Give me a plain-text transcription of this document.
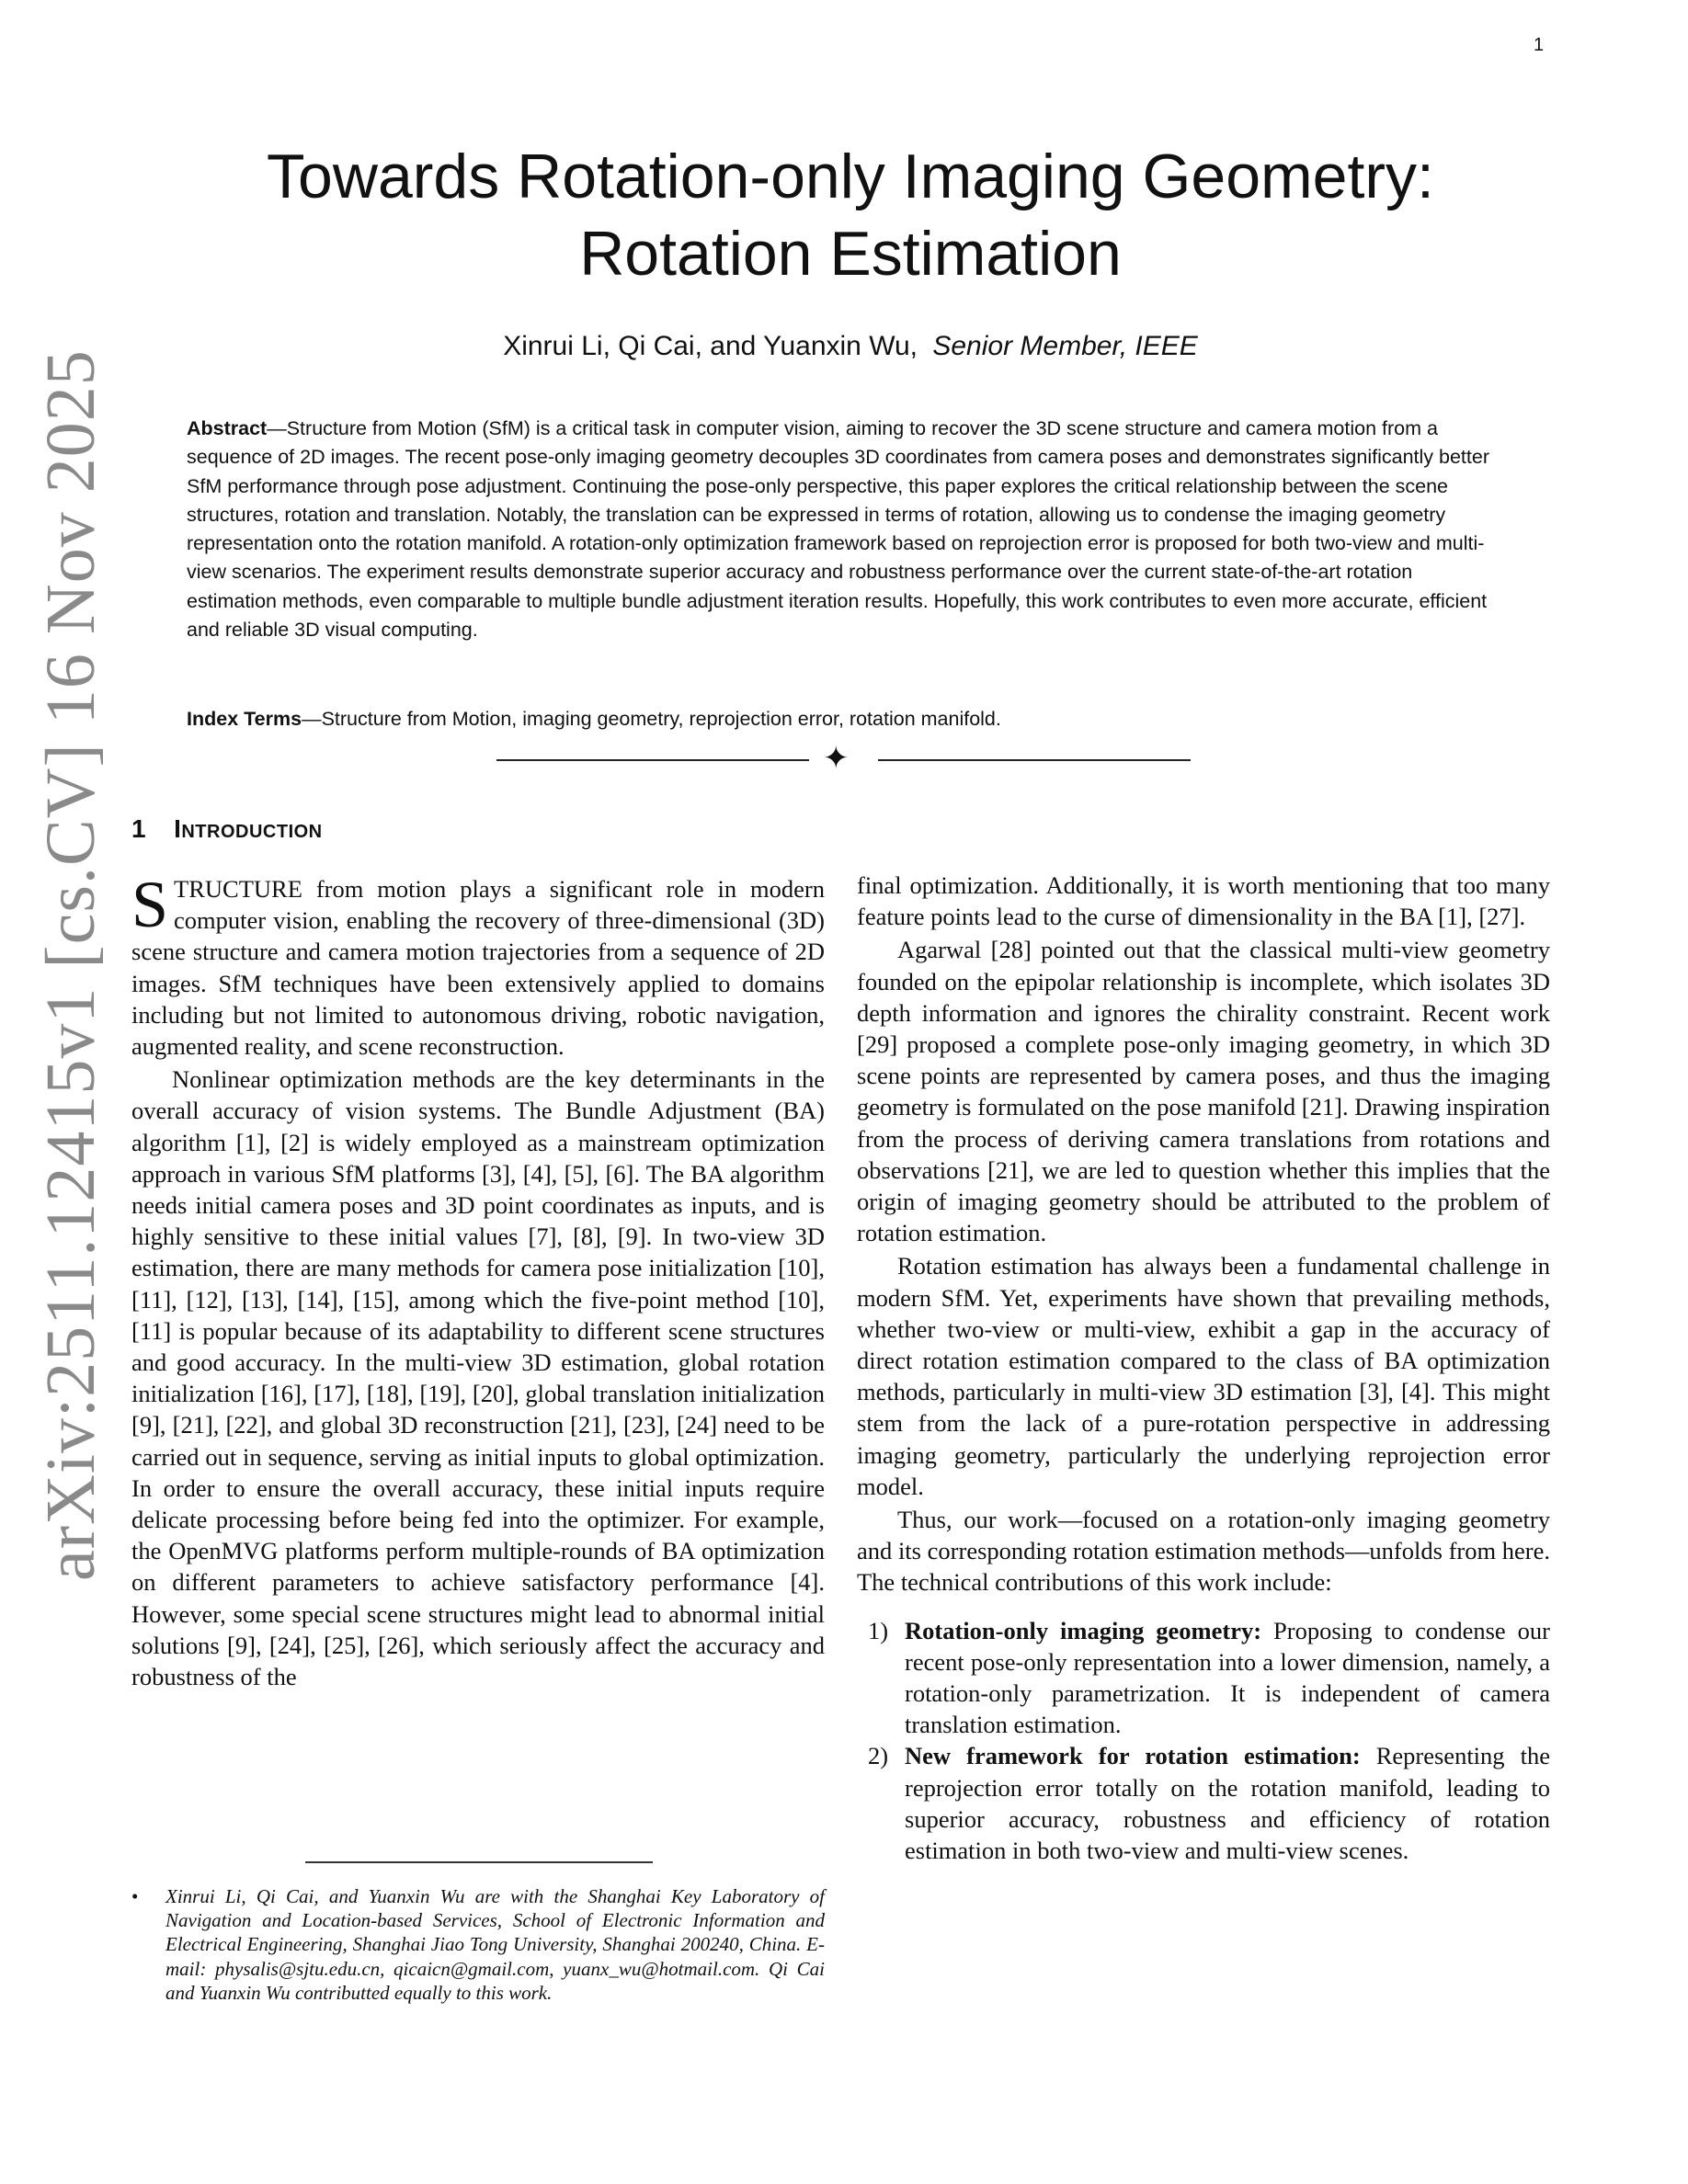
1
arXiv:2511.12415v1 [cs.CV] 16 Nov 2025
Towards Rotation-only Imaging Geometry:
Rotation Estimation
Xinrui Li, Qi Cai, and Yuanxin Wu, Senior Member, IEEE
Abstract—Structure from Motion (SfM) is a critical task in computer vision, aiming to recover the 3D scene structure and camera motion from a sequence of 2D images. The recent pose-only imaging geometry decouples 3D coordinates from camera poses and demonstrates significantly better SfM performance through pose adjustment. Continuing the pose-only perspective, this paper explores the critical relationship between the scene structures, rotation and translation. Notably, the translation can be expressed in terms of rotation, allowing us to condense the imaging geometry representation onto the rotation manifold. A rotation-only optimization framework based on reprojection error is proposed for both two-view and multi-view scenarios. The experiment results demonstrate superior accuracy and robustness performance over the current state-of-the-art rotation estimation methods, even comparable to multiple bundle adjustment iteration results. Hopefully, this work contributes to even more accurate, efficient and reliable 3D visual computing.
Index Terms—Structure from Motion, imaging geometry, reprojection error, rotation manifold.
✦
1 Introduction

STRUCTURE from motion plays a significant role in modern computer vision, enabling the recovery of three-dimensional (3D) scene structure and camera motion trajectories from a sequence of 2D images. SfM techniques have been extensively applied to domains including but not limited to autonomous driving, robotic navigation, augmented reality, and scene reconstruction.

Nonlinear optimization methods are the key determinants in the overall accuracy of vision systems. The Bundle Adjustment (BA) algorithm [1], [2] is widely employed as a mainstream optimization approach in various SfM platforms [3], [4], [5], [6]. The BA algorithm needs initial camera poses and 3D point coordinates as inputs, and is highly sensitive to these initial values [7], [8], [9]. In two-view 3D estimation, there are many methods for camera pose initialization [10], [11], [12], [13], [14], [15], among which the five-point method [10], [11] is popular because of its adaptability to different scene structures and good accuracy. In the multi-view 3D estimation, global rotation initialization [16], [17], [18], [19], [20], global translation initialization [9], [21], [22], and global 3D reconstruction [21], [23], [24] need to be carried out in sequence, serving as initial inputs to global optimization. In order to ensure the overall accuracy, these initial inputs require delicate processing before being fed into the optimizer. For example, the OpenMVG platforms perform multiple-rounds of BA optimization on different parameters to achieve satisfactory performance [4]. However, some special scene structures might lead to abnormal initial solutions [9], [24], [25], [26], which seriously affect the accuracy and robustness of the

final optimization. Additionally, it is worth mentioning that too many feature points lead to the curse of dimensionality in the BA [1], [27].

Agarwal [28] pointed out that the classical multi-view geometry founded on the epipolar relationship is incomplete, which isolates 3D depth information and ignores the chirality constraint. Recent work [29] proposed a complete pose-only imaging geometry, in which 3D scene points are represented by camera poses, and thus the imaging geometry is formulated on the pose manifold [21]. Drawing inspiration from the process of deriving camera translations from rotations and observations [21], we are led to question whether this implies that the origin of imaging geometry should be attributed to the problem of rotation estimation.

Rotation estimation has always been a fundamental challenge in modern SfM. Yet, experiments have shown that prevailing methods, whether two-view or multi-view, exhibit a gap in the accuracy of direct rotation estimation compared to the class of BA optimization methods, particularly in multi-view 3D estimation [3], [4]. This might stem from the lack of a pure-rotation perspective in addressing imaging geometry, particularly the underlying reprojection error model.

Thus, our work—focused on a rotation-only imaging geometry and its corresponding rotation estimation methods—unfolds from here. The technical contributions of this work include:

1) Rotation-only imaging geometry: Proposing to condense our recent pose-only representation into a lower dimension, namely, a rotation-only parametrization. It is independent of camera translation estimation.
2) New framework for rotation estimation: Representing the reprojection error totally on the rotation manifold, leading to superior accuracy, robustness and efficiency of rotation estimation in both two-view and multi-view scenes.
• Xinrui Li, Qi Cai, and Yuanxin Wu are with the Shanghai Key Laboratory of Navigation and Location-based Services, School of Electronic Information and Electrical Engineering, Shanghai Jiao Tong University, Shanghai 200240, China. E-mail: physalis@sjtu.edu.cn, qicaicn@gmail.com, yuanx_wu@hotmail.com. Qi Cai and Yuanxin Wu contributted equally to this work.
